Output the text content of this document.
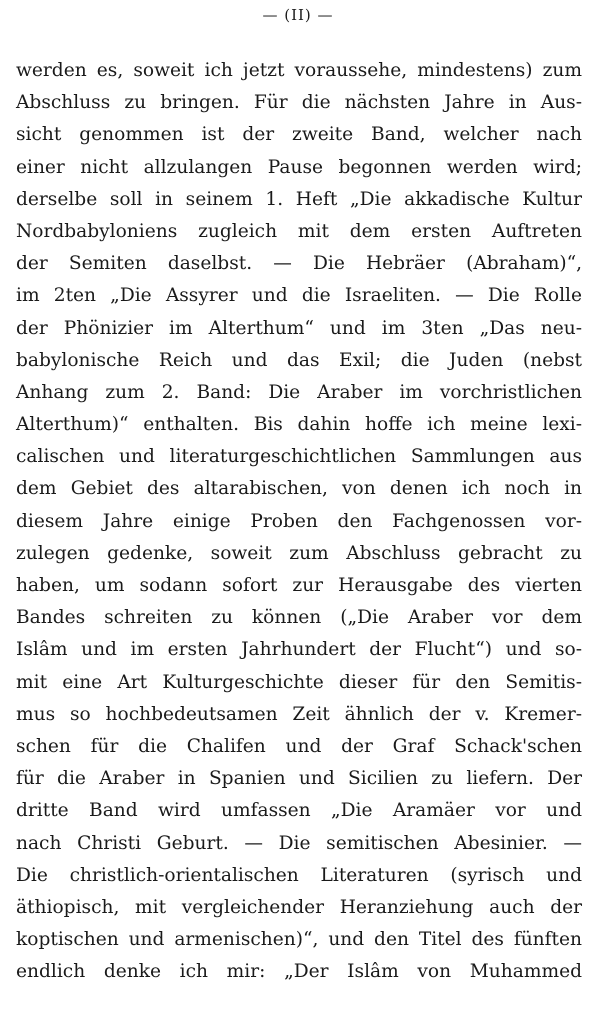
— (II) —
werden es, soweit ich jetzt voraussehe, mindestens) zum
Abschluss zu bringen. Für die nächsten Jahre in Aus-
sicht genommen ist der zweite Band, welcher nach
einer nicht allzulangen Pause begonnen werden wird;
derselbe soll in seinem 1. Heft „Die akkadische Kultur
Nordbabyloniens zugleich mit dem ersten Auftreten
der Semiten daselbst. — Die Hebräer (Abraham)“,
im 2ten „Die Assyrer und die Israeliten. — Die Rolle
der Phönizier im Alterthum“ und im 3ten „Das neu-
babylonische Reich und das Exil; die Juden (nebst
Anhang zum 2. Band: Die Araber im vorchristlichen
Alterthum)“ enthalten. Bis dahin hoffe ich meine lexi-
calischen und literaturgeschichtlichen Sammlungen aus
dem Gebiet des altarabischen, von denen ich noch in
diesem Jahre einige Proben den Fachgenossen vor-
zulegen gedenke, soweit zum Abschluss gebracht zu
haben, um sodann sofort zur Herausgabe des vierten
Bandes schreiten zu können („Die Araber vor dem
Islâm und im ersten Jahrhundert der Flucht“) und so-
mit eine Art Kulturgeschichte dieser für den Semitis-
mus so hochbedeutsamen Zeit ähnlich der v. Kremer-
schen für die Chalifen und der Graf Schack'schen
für die Araber in Spanien und Sicilien zu liefern. Der
dritte Band wird umfassen „Die Aramäer vor und
nach Christi Geburt. — Die semitischen Abesinier. —
Die christlich-orientalischen Literaturen (syrisch und
äthiopisch, mit vergleichender Heranziehung auch der
koptischen und armenischen)“, und den Titel des fünften
endlich denke ich mir: „Der Islâm von Muhammed
